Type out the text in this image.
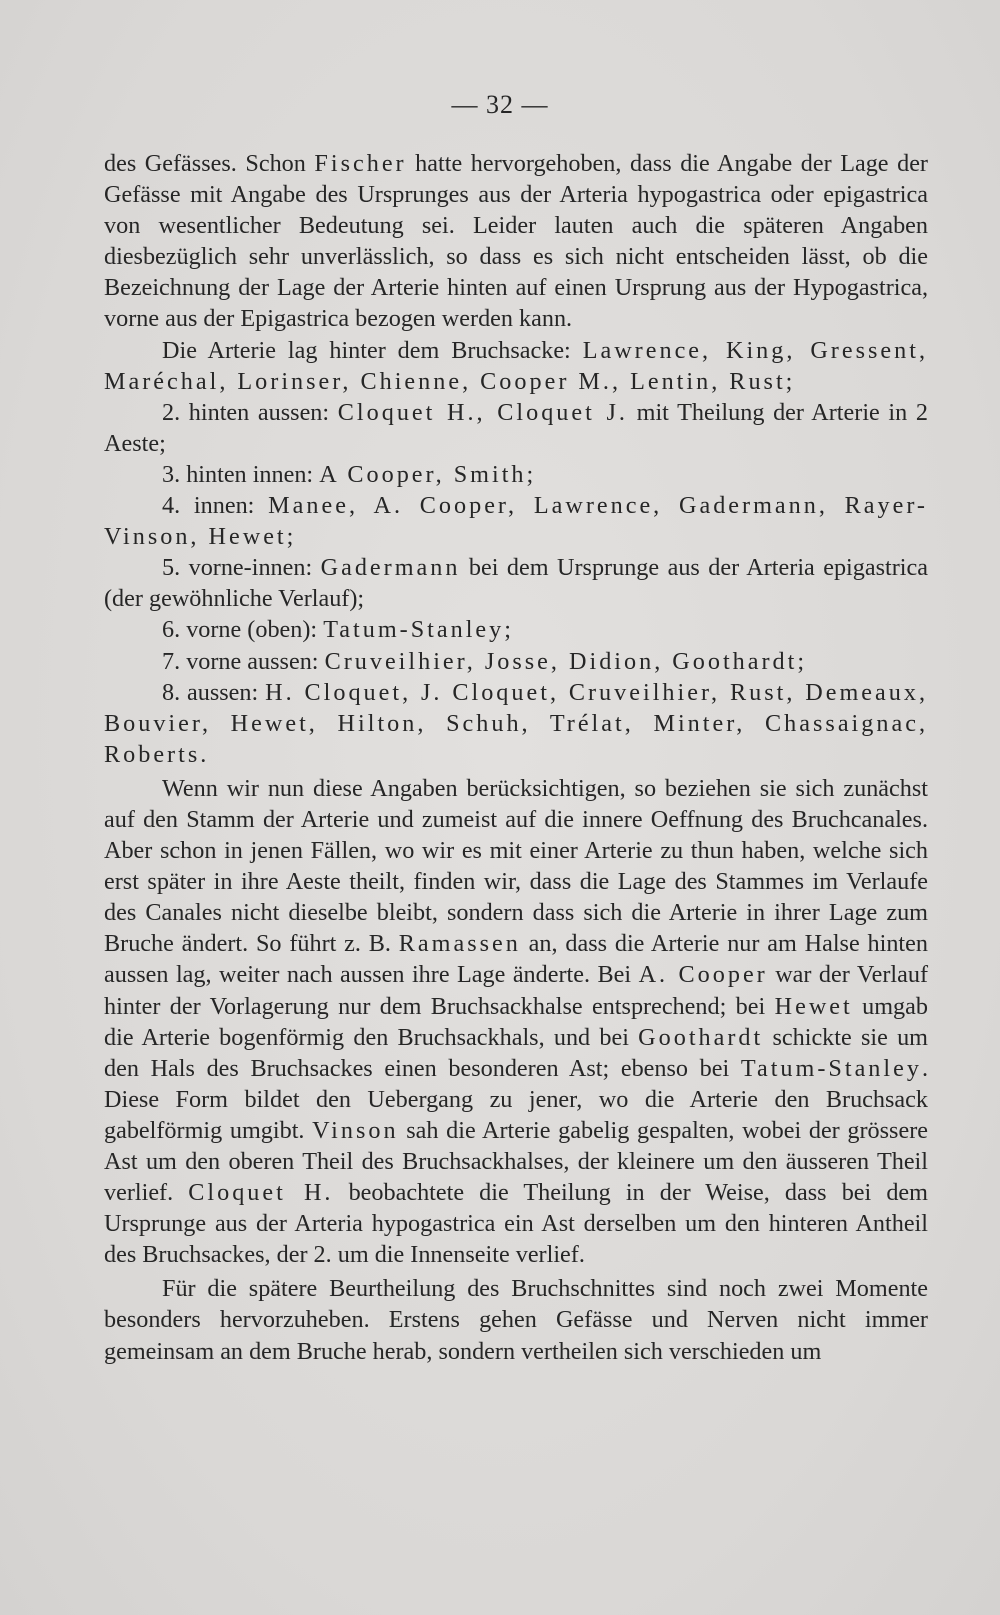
— 32 —

des Gefässes. Schon Fischer hatte hervorgehoben, dass die Angabe der Lage der Gefässe mit Angabe des Ursprunges aus der Arteria hypogastrica oder epigastrica von wesentlicher Bedeutung sei. Leider lauten auch die späteren Angaben diesbezüglich sehr unverlässlich, so dass es sich nicht entscheiden lässt, ob die Bezeichnung der Lage der Arterie hinten auf einen Ursprung aus der Hypogastrica, vorne aus der Epigastrica bezogen werden kann.

Die Arterie lag hinter dem Bruchsacke: Lawrence, King, Gressent, Maréchal, Lorinser, Chienne, Cooper M., Lentin, Rust;

2. hinten aussen: Cloquet H., Cloquet J. mit Theilung der Arterie in 2 Aeste;

3. hinten innen: A Cooper, Smith;

4. innen: Manee, A. Cooper, Lawrence, Gadermann, Rayer-Vinson, Hewet;

5. vorne-innen: Gadermann bei dem Ursprunge aus der Arteria epigastrica (der gewöhnliche Verlauf);

6. vorne (oben): Tatum-Stanley;

7. vorne aussen: Cruveilhier, Josse, Didion, Goothardt;

8. aussen: H. Cloquet, J. Cloquet, Cruveilhier, Rust, Demeaux, Bouvier, Hewet, Hilton, Schuh, Trélat, Minter, Chassaignac, Roberts.

Wenn wir nun diese Angaben berücksichtigen, so beziehen sie sich zunächst auf den Stamm der Arterie und zumeist auf die innere Oeffnung des Bruchcanales. Aber schon in jenen Fällen, wo wir es mit einer Arterie zu thun haben, welche sich erst später in ihre Aeste theilt, finden wir, dass die Lage des Stammes im Verlaufe des Canales nicht dieselbe bleibt, sondern dass sich die Arterie in ihrer Lage zum Bruche ändert. So führt z. B. Ramassen an, dass die Arterie nur am Halse hinten aussen lag, weiter nach aussen ihre Lage änderte. Bei A. Cooper war der Verlauf hinter der Vorlagerung nur dem Bruchsackhalse entsprechend; bei Hewet umgab die Arterie bogenförmig den Bruchsackhals, und bei Goothardt schickte sie um den Hals des Bruchsackes einen besonderen Ast; ebenso bei Tatum-Stanley. Diese Form bildet den Uebergang zu jener, wo die Arterie den Bruchsack gabelförmig umgibt. Vinson sah die Arterie gabelig gespalten, wobei der grössere Ast um den oberen Theil des Bruchsackhalses, der kleinere um den äusseren Theil verlief. Cloquet H. beobachtete die Theilung in der Weise, dass bei dem Ursprunge aus der Arteria hypogastrica ein Ast derselben um den hinteren Antheil des Bruchsackes, der 2. um die Innenseite verlief.

Für die spätere Beurtheilung des Bruchschnittes sind noch zwei Momente besonders hervorzuheben. Erstens gehen Gefässe und Nerven nicht immer gemeinsam an dem Bruche herab, sondern vertheilen sich verschieden um
